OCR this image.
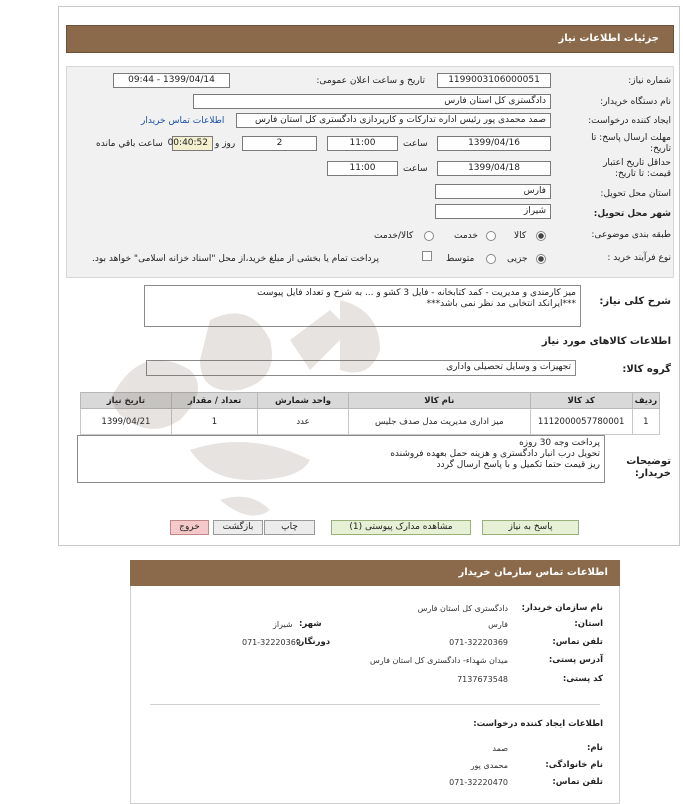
جزئیات اطلاعات نیاز
شماره نیاز:
1199003106000051
تاریخ و ساعت اعلان عمومی:
1399/04/14 - 09:44
نام دستگاه خریدار:
دادگستری کل استان فارس
ایجاد کننده درخواست:
صمد محمدی پور رئیس اداره تدارکات و کارپردازی دادگستری کل استان فارس
اطلاعات تماس خریدار
مهلت ارسال پاسخ: تا
تاریخ:
1399/04/16
ساعت
11:00
2
روز و
00:40:52
ساعت باقي مانده
حداقل تاریخ اعتبار
قیمت: تا تاریخ:
1399/04/18
ساعت
11:00
استان محل تحویل:
فارس
شهر محل تحویل:
شیراز
طبقه بندی موضوعی:
کالا
خدمت
کالا/خدمت
نوع فرآیند خرید :
جزیی
متوسط
پرداخت تمام یا بخشی از مبلغ خرید،از محل "اسناد خزانه اسلامی" خواهد بود.
شرح کلی نیاز:
میز کارمندی و مدیریت - کمد کتابخانه - فایل 3 کشو و ... به شرح و تعداد فایل پیوست
***ایرانکد انتخابی مد نظر نمی باشد***
اطلاعات کالاهای مورد نیاز
گروه کالا:
تجهیزات و وسایل تحصیلی واداری
ردیف	کد کالا	نام کالا	واحد شمارش	تعداد / مقدار	تاریخ نیاز
1	1112000057780001	میز اداری مدیریت مدل صدف جلیس	عدد	1	1399/04/21
توضیحات خریدار:
پرداخت وجه 30 روزه
تحویل درب انبار دادگستری و هزینه حمل بعهده فروشنده
ریز قیمت حتما تکمیل و با پاسخ ارسال گردد
پاسخ به نیاز
مشاهده مدارک پیوستی (1)
چاپ
بازگشت
خروج
اطلاعات تماس سازمان خریدار
نام سازمان خریدار:
دادگستری کل استان فارس
استان:
فارس
شهر:
شیراز
تلفن تماس:
071-32220369
دورنگار:
071-32220369
آدرس پستی:
میدان شهداء- دادگستری کل استان فارس
کد پستی:
7137673548
اطلاعات ایجاد کننده درخواست:
نام:
صمد
نام خانوادگی:
محمدی پور
تلفن تماس:
071-32220470
